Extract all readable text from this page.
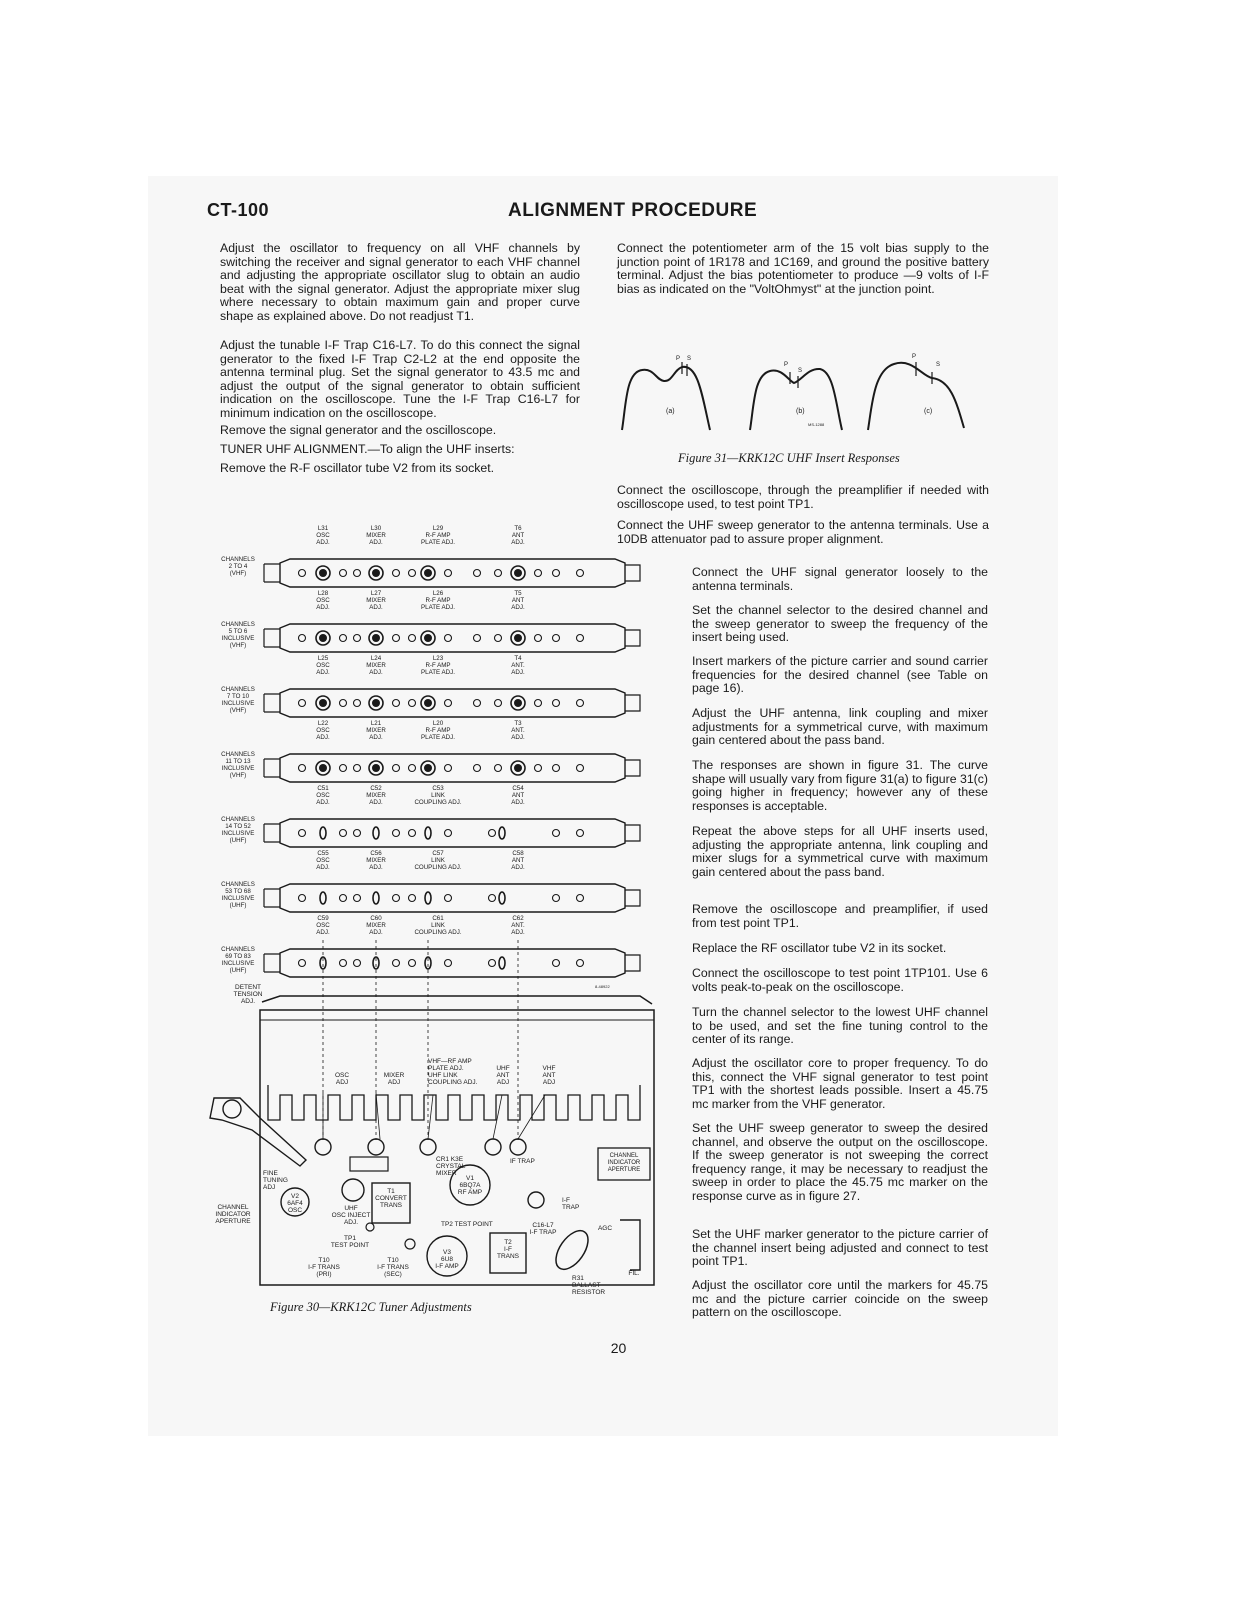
CT-100	ALIGNMENT PROCEDURE

Adjust the oscillator to frequency on all VHF channels by switching the receiver and signal generator to each VHF channel and adjusting the appropriate oscillator slug to obtain an audio beat with the signal generator. Adjust the appropriate mixer slug where necessary to obtain maximum gain and proper curve shape as explained above. Do not readjust T1.

Adjust the tunable I-F Trap C16-L7. To do this connect the signal generator to the fixed I-F Trap C2-L2 at the end opposite the antenna terminal plug. Set the signal generator to 43.5 mc and adjust the output of the signal generator to obtain sufficient indication on the oscilloscope. Tune the I-F Trap C16-L7 for minimum indication on the oscilloscope.

Remove the signal generator and the oscilloscope.

TUNER UHF ALIGNMENT.—To align the UHF inserts:

Remove the R-F oscillator tube V2 from its socket.

Connect the potentiometer arm of the 15 volt bias supply to the junction point of 1R178 and 1C169, and ground the positive battery terminal. Adjust the bias potentiometer to produce —9 volts of I-F bias as indicated on the "VoltOhmyst" at the junction point.

P S
P
S
P
S
(a)	(b)	(c)
MS-1288
Figure 31—KRK12C UHF Insert Responses

Connect the oscilloscope, through the preamplifier if needed with oscilloscope used, to test point TP1.

Connect the UHF sweep generator to the antenna terminals. Use a 10DB attenuator pad to assure proper alignment.

Connect the UHF signal generator loosely to the antenna terminals.

Set the channel selector to the desired channel and the sweep generator to sweep the frequency of the insert being used.

Insert markers of the picture carrier and sound carrier frequencies for the desired channel (see Table on page 16).

Adjust the UHF antenna, link coupling and mixer adjustments for a symmetrical curve, with maximum gain centered about the pass band.

The responses are shown in figure 31. The curve shape will usually vary from figure 31(a) to figure 31(c) going higher in frequency; however any of these responses is acceptable.

Repeat the above steps for all UHF inserts used, adjusting the appropriate antenna, link coupling and mixer slugs for a symmetrical curve with maximum gain centered about the pass band.

Remove the oscilloscope and preamplifier, if used from test point TP1.

Replace the RF oscillator tube V2 in its socket.

Connect the oscilloscope to test point 1TP101. Use 6 volts peak-to-peak on the oscilloscope.

Turn the channel selector to the lowest UHF channel to be used, and set the fine tuning control to the center of its range.

Adjust the oscillator core to proper frequency. To do this, connect the VHF signal generator to test point TP1 with the shortest leads possible. Insert a 45.75 mc marker from the VHF generator.

Set the UHF sweep generator to sweep the desired channel, and observe the output on the oscilloscope. If the sweep generator is not sweeping the correct frequency range, it may be necessary to readjust the sweep in order to place the 45.75 mc marker on the response curve as in figure 27.

Set the UHF marker generator to the picture carrier of the channel insert being adjusted and connect to test point TP1.

Adjust the oscillator core until the markers for 45.75 mc and the picture carrier coincide on the sweep pattern on the oscilloscope.

L31
OSC
ADJ.
L30
MIXER
ADJ.
L29
R-F AMP
PLATE ADJ.
T6
ANT
ADJ.
CHANNELS
2 TO 4
(VHF)
L28
OSC
ADJ.
L27
MIXER
ADJ.
L26
R-F AMP
PLATE ADJ.
T5
ANT
ADJ.
CHANNELS
5 TO 6
INCLUSIVE
(VHF)
L25
OSC
ADJ.
L24
MIXER
ADJ.
L23
R-F AMP
PLATE ADJ.
T4
ANT.
ADJ.
CHANNELS
7 TO 10
INCLUSIVE
(VHF)
L22
OSC
ADJ.
L21
MIXER
ADJ.
L20
R-F AMP
PLATE ADJ.
T3
ANT.
ADJ.
CHANNELS
11 TO 13
INCLUSIVE
(VHF)
C51
OSC
ADJ.
C52
MIXER
ADJ.
C53
LINK
COUPLING ADJ.
C54
ANT
ADJ.
CHANNELS
14 TO 52
INCLUSIVE
(UHF)
C55
OSC
ADJ.
C56
MIXER
ADJ.
C57
LINK
COUPLING ADJ.
C58
ANT
ADJ.
CHANNELS
53 TO 68
INCLUSIVE
(UHF)
C59
OSC
ADJ.
C60
MIXER
ADJ.
C61
LINK
COUPLING ADJ.
C62
ANT.
ADJ.
CHANNELS
69 TO 83
INCLUSIVE
(UHF)
8-48922
DETENT
TENSION
ADJ.
OSC
ADJ
MIXER
ADJ
VHF—RF AMP
PLATE ADJ.
UHF LINK
COUPLING ADJ.
UHF
ANT
ADJ
VHF
ANT
ADJ
FINE
TUNING
ADJ
CHANNEL
INDICATOR
APERTURE
CHANNEL
INDICATOR
APERTURE
CR1 K3E
CRYSTAL
MIXER
V1
6BQ7A
RF AMP
V2
6AF4
OSC
T1
CONVERT
TRANS
UHF
OSC INJECT
ADJ.
IF TRAP
I-F
TRAP
C16-L7
I-F TRAP
TP2 TEST POINT
TP1
TEST POINT
AGC
V3
6U8
I-F AMP
T2
I-F
TRANS
T10
I-F TRANS
(PRI)
T10
I-F TRANS
(SEC)
R31
BALLAST
RESISTOR
FIL.
Figure 30—KRK12C Tuner Adjustments
20
